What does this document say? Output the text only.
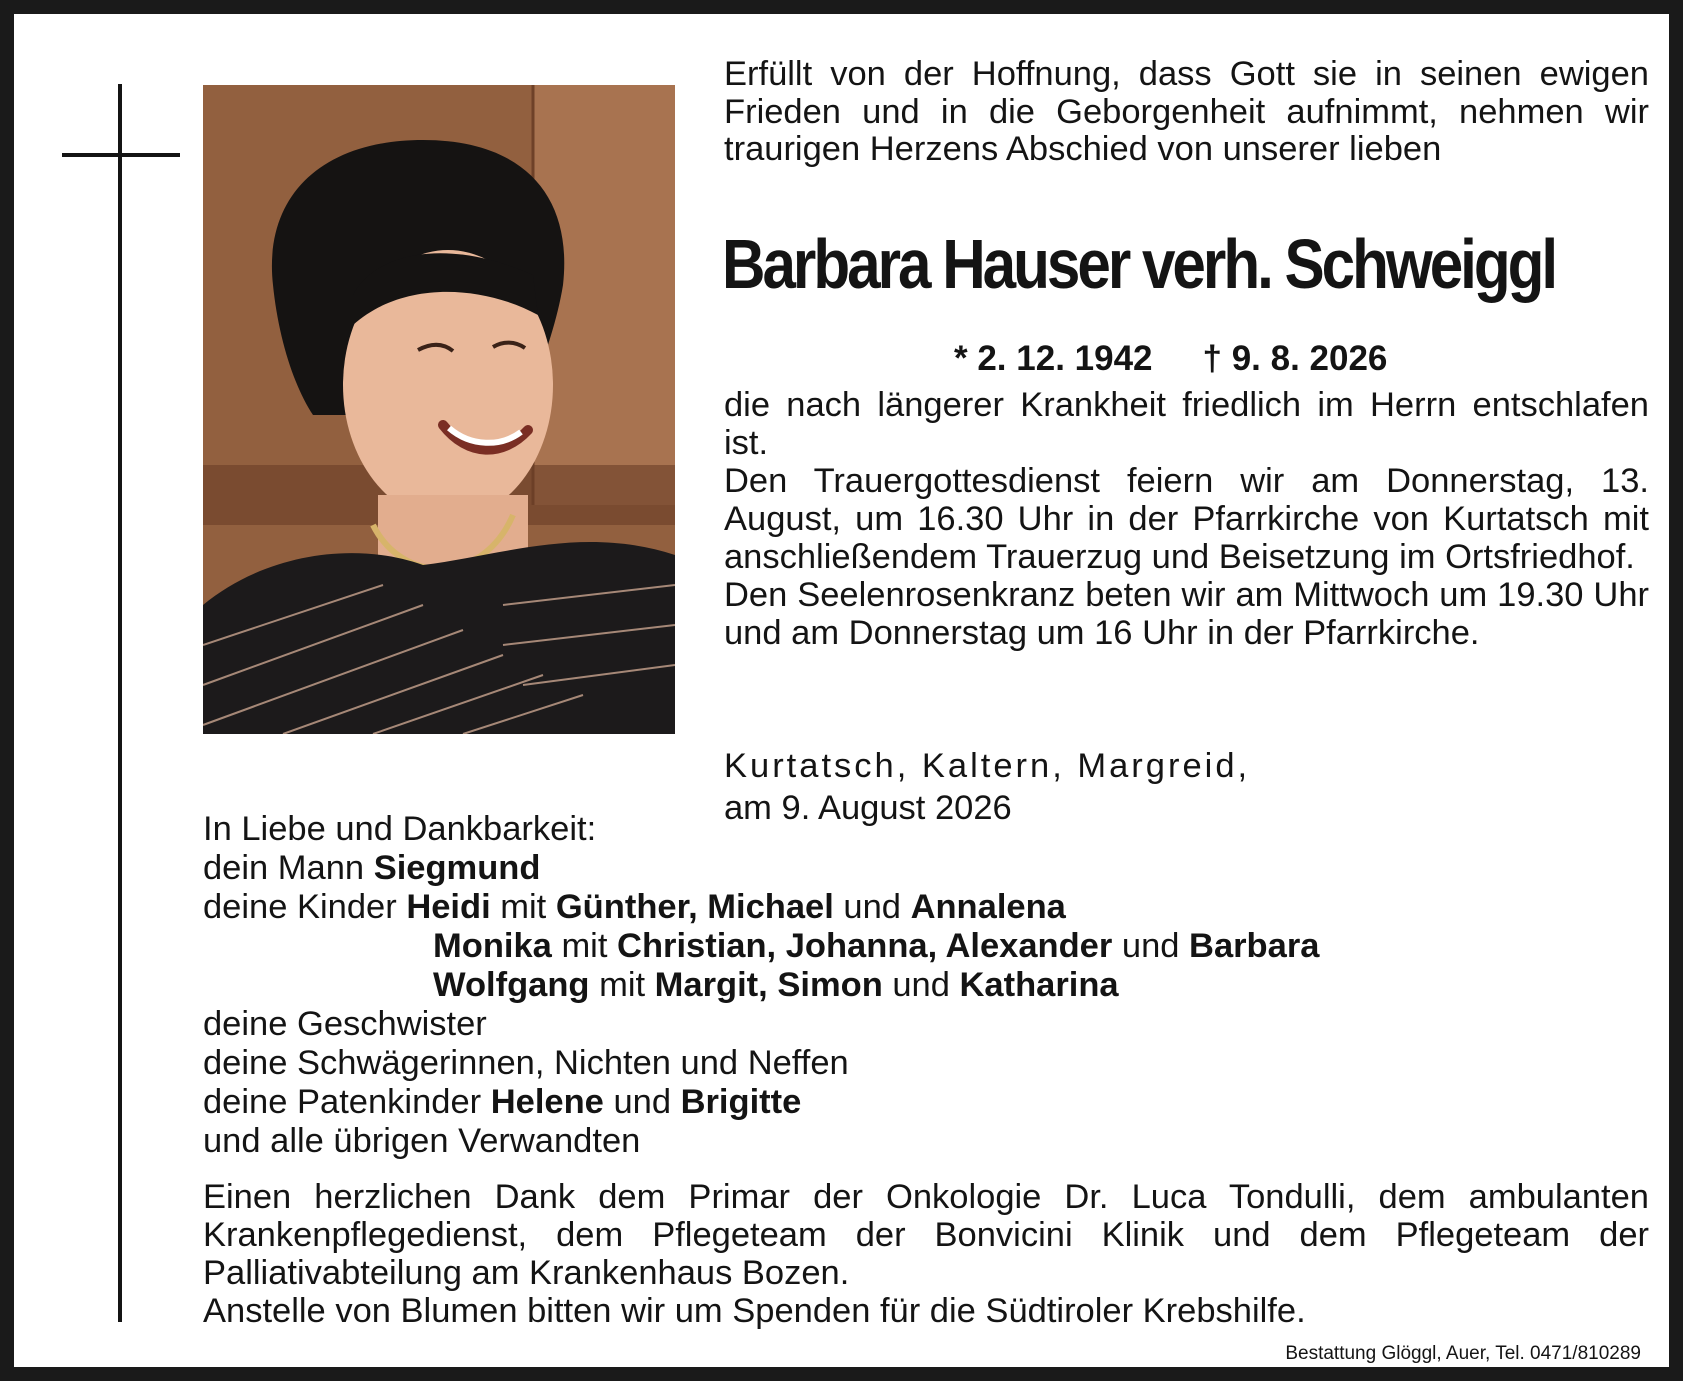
Erfüllt von der Hoffnung, dass Gott sie in seinen ewigen Frieden und in die Geborgenheit aufnimmt, nehmen wir traurigen Herzens Abschied von unserer lieben
Barbara Hauser verh. Schweiggl
* 2. 12. 1942 † 9. 8. 2026

die nach längerer Krankheit friedlich im Herrn entschlafen ist.

Den Trauergottesdienst feiern wir am Donnerstag, 13. August, um 16.30 Uhr in der Pfarrkirche von Kurtatsch mit anschließendem Trauerzug und Beisetzung im Ortsfriedhof.

Den Seelenrosenkranz beten wir am Mittwoch um 19.30 Uhr und am Donnerstag um 16 Uhr in der Pfarrkirche.

Kurtatsch, Kaltern, Margreid,
am 9. August 2026
In Liebe und Dankbarkeit:
dein Mann Siegmund
deine Kinder Heidi mit Günther, Michael und Annalena
Monika mit Christian, Johanna, Alexander und Barbara
Wolfgang mit Margit, Simon und Katharina
deine Geschwister
deine Schwägerinnen, Nichten und Neffen
deine Patenkinder Helene und Brigitte
und alle übrigen Verwandten
Einen herzlichen Dank dem Primar der Onkologie Dr. Luca Tondulli, dem ambulanten Krankenpflegedienst, dem Pflegeteam der Bonvicini Klinik und dem Pflegeteam der Palliativabteilung am Krankenhaus Bozen.
Anstelle von Blumen bitten wir um Spenden für die Südtiroler Krebshilfe.
Bestattung Glöggl, Auer, Tel. 0471/810289
